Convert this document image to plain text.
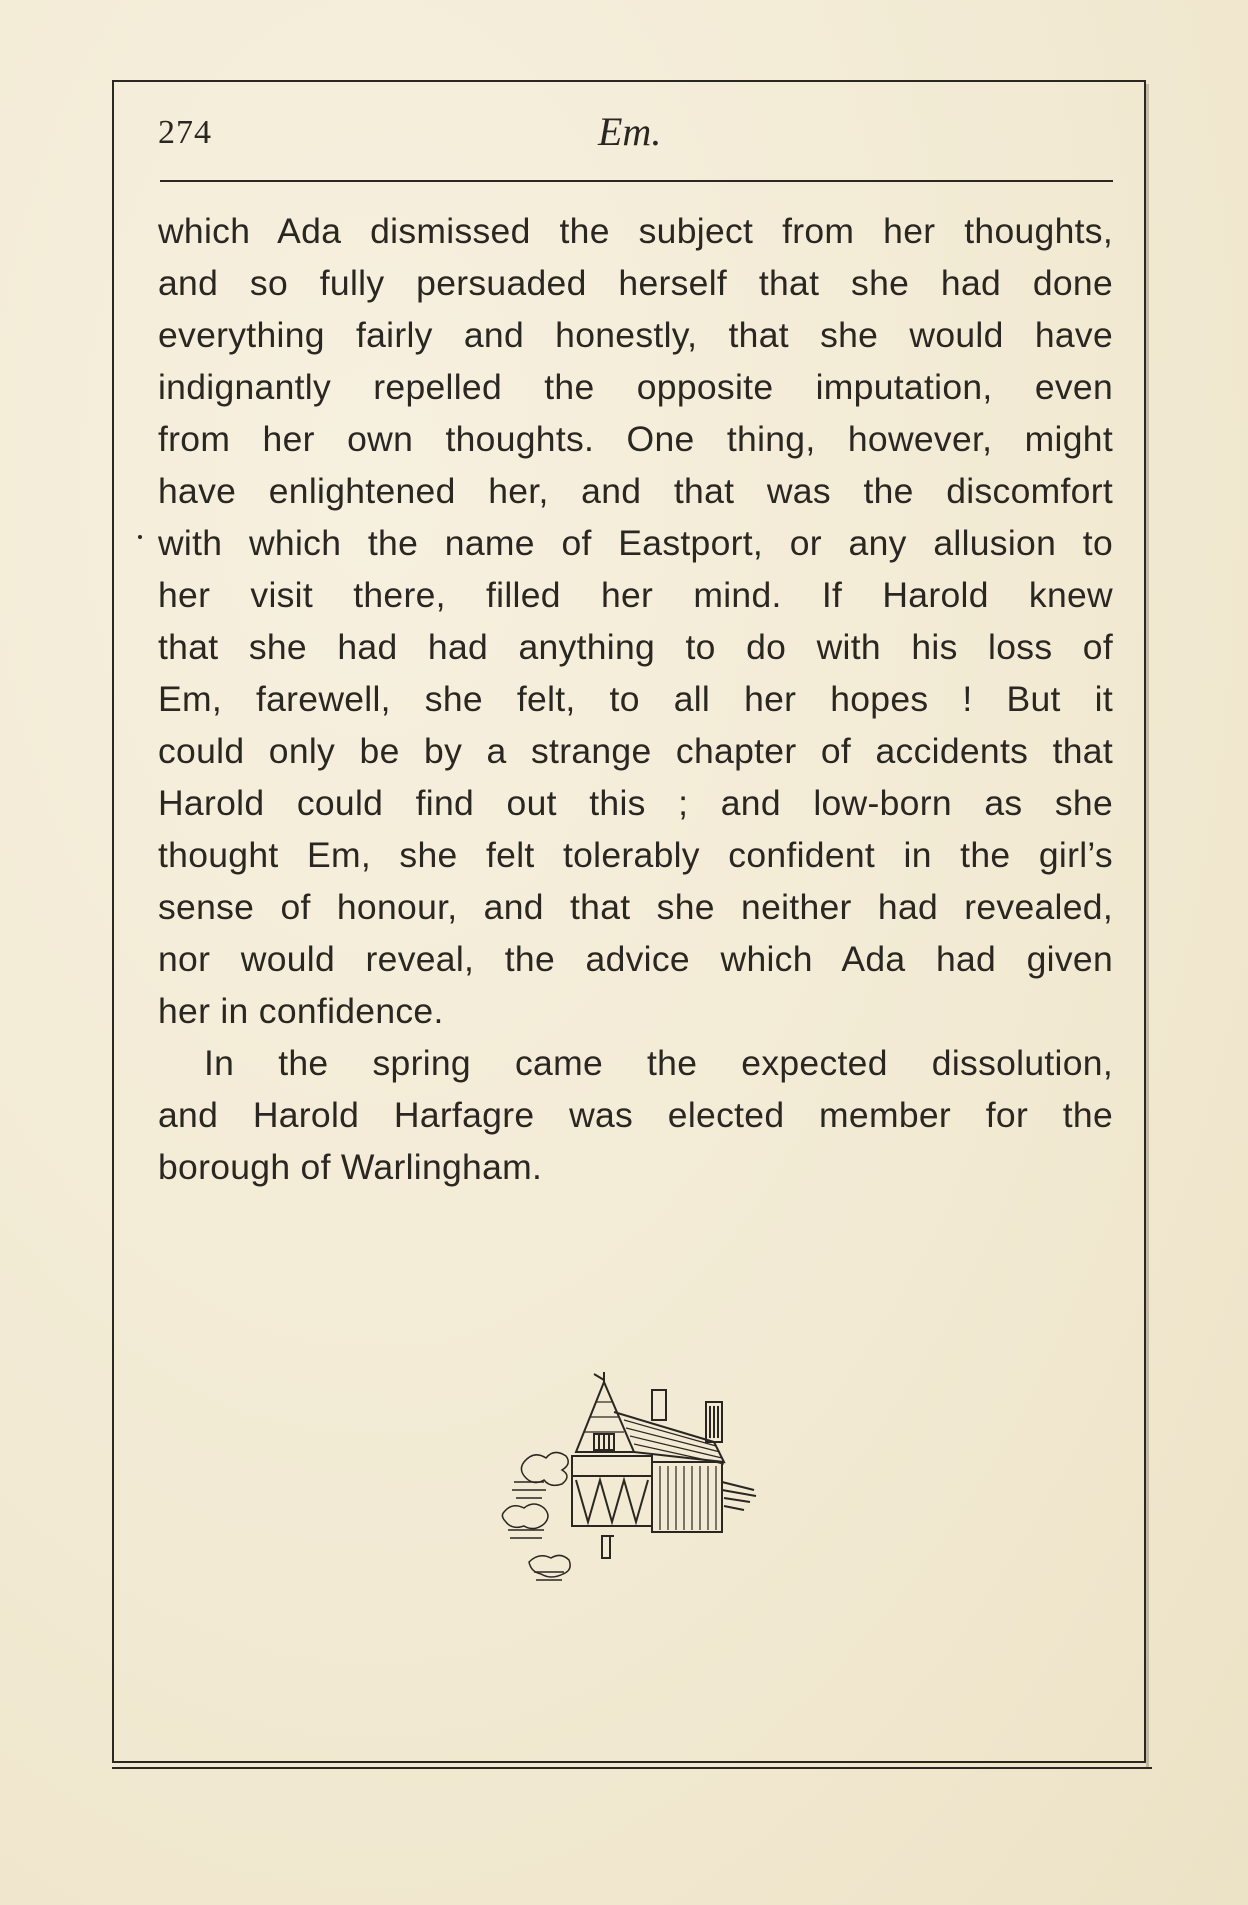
274	Em.
which Ada dismissed the subject from her thoughts,
and so fully persuaded herself that she had done
everything fairly and honestly, that she would have
indignantly repelled the opposite imputation, even
from her own thoughts. One thing, however, might
have enlightened her, and that was the discomfort
with which the name of Eastport, or any allusion to
her visit there, filled her mind. If Harold knew
that she had had anything to do with his loss of
Em, farewell, she felt, to all her hopes ! But it
could only be by a strange chapter of accidents that
Harold could find out this ; and low-born as she
thought Em, she felt tolerably confident in the girl’s
sense of honour, and that she neither had revealed,
nor would reveal, the advice which Ada had given
her in confidence.
In the spring came the expected dissolution,
and Harold Harfagre was elected member for the
borough of Warlingham.
